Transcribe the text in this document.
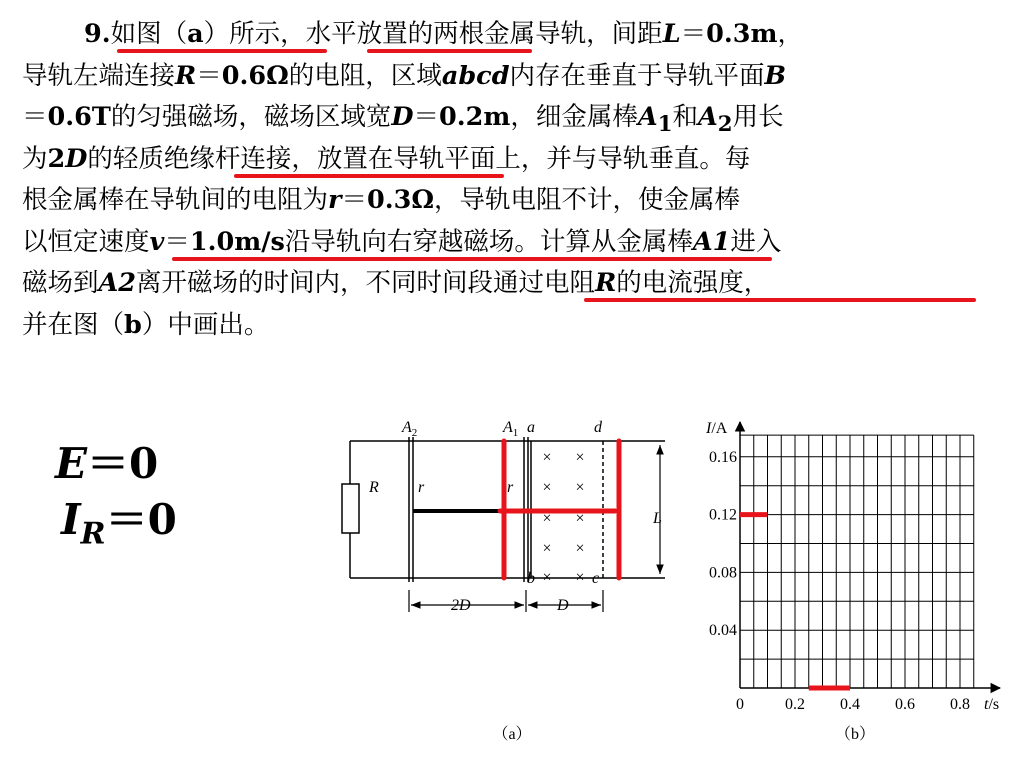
9.如图（a）所示，水平放置的两根金属导轨，间距L＝0.3m，
导轨左端连接R＝0.6Ω的电阻，区域abcd内存在垂直于导轨平面B
＝0.6T的匀强磁场，磁场区域宽D＝0.2m，细金属棒$A_1$和$A_2$用长
为2D的轻质绝缘杆连接，放置在导轨平面上，并与导轨垂直。每
根金属棒在导轨间的电阻为r＝0.3Ω，导轨电阻不计，使金属棒
以恒定速度v＝1.0m/s沿导轨向右穿越磁场。计算从金属棒A1进入
磁场到A2离开磁场的时间内，不同时间段通过电阻R的电流强度，
并在图（b）中画出。
E＝0
$I_R=0$
× ×
× ×
× ×
× ×
× ×
$A_2$	$A_1$ a	d
b	c
R r	r
L
2D	D
（a）
0.16
0.12
0.08
0.04
0.2 0.4 0.6 0.8
I/A
t/s
0
（b）
